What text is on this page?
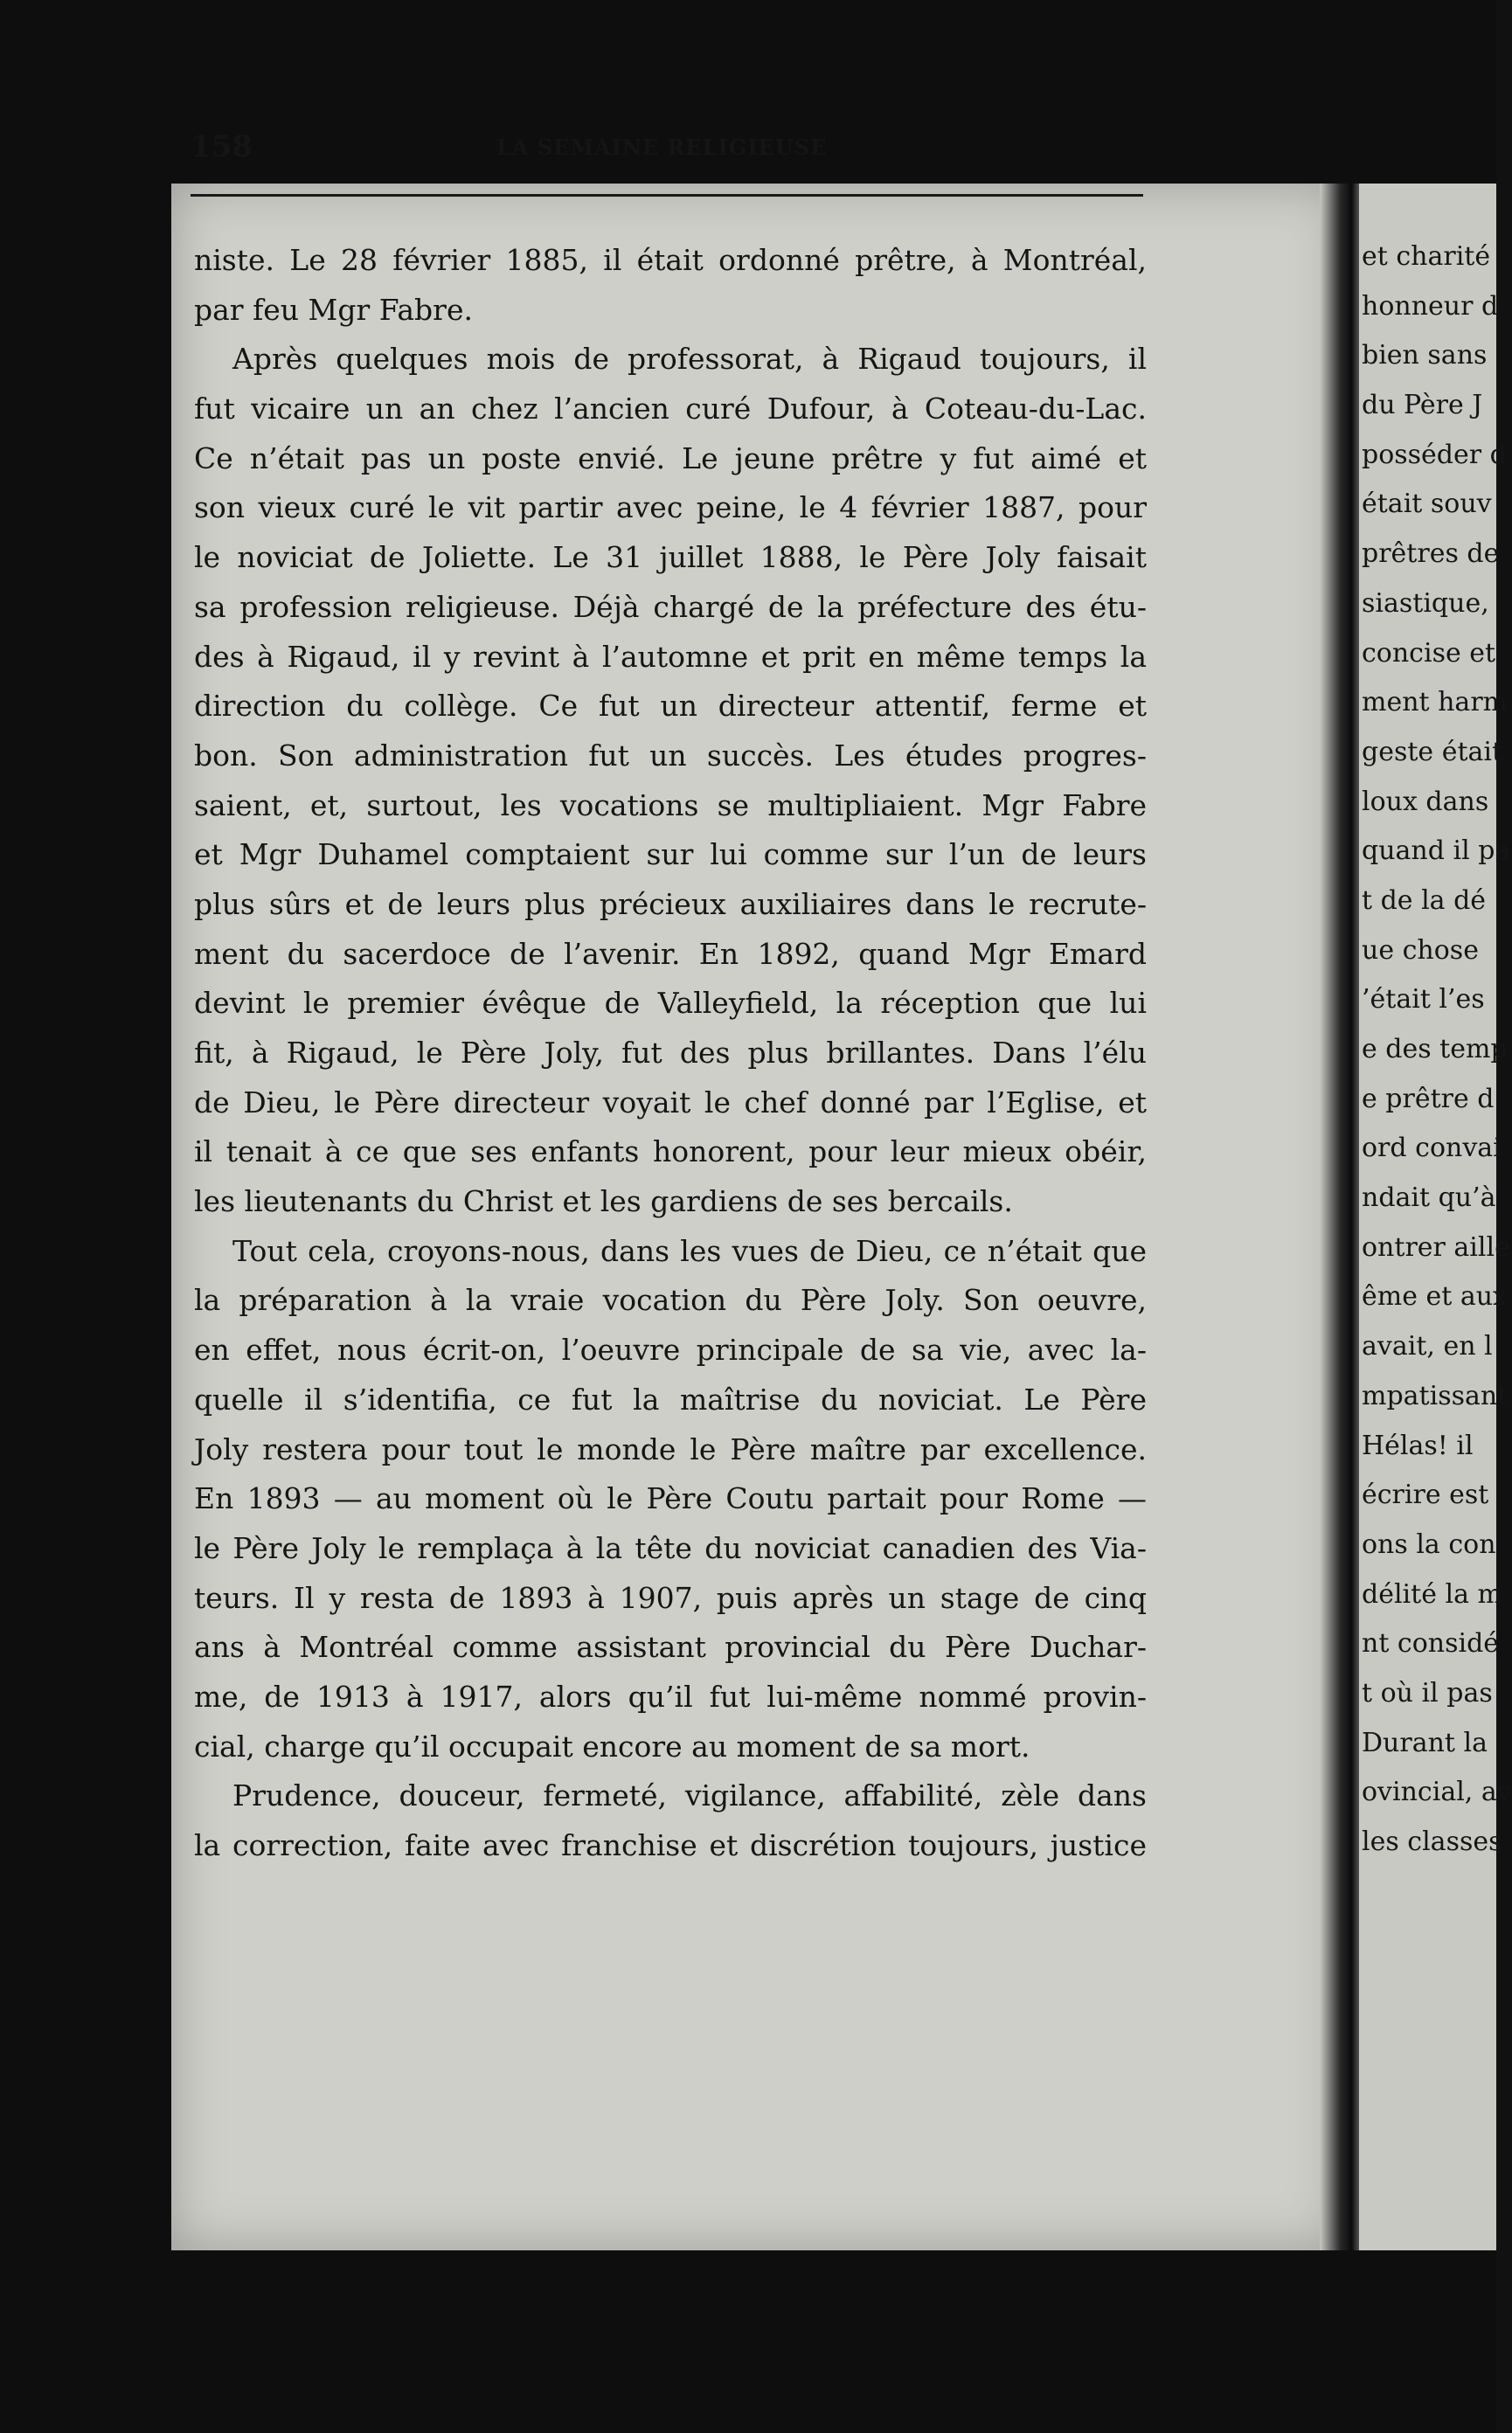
158	LA SEMAINE RELIGIEUSE
niste. Le 28 février 1885, il était ordonné prêtre, à Montréal,
par feu Mgr Fabre.
Après quelques mois de professorat, à Rigaud toujours, il
fut vicaire un an chez l’ancien curé Dufour, à Coteau-du-Lac.
Ce n’était pas un poste envié. Le jeune prêtre y fut aimé et
son vieux curé le vit partir avec peine, le 4 février 1887, pour
le noviciat de Joliette. Le 31 juillet 1888, le Père Joly faisait
sa profession religieuse. Déjà chargé de la préfecture des étu-
des à Rigaud, il y revint à l’automne et prit en même temps la
direction du collège. Ce fut un directeur attentif, ferme et
bon. Son administration fut un succès. Les études progres-
saient, et, surtout, les vocations se multipliaient. Mgr Fabre
et Mgr Duhamel comptaient sur lui comme sur l’un de leurs
plus sûrs et de leurs plus précieux auxiliaires dans le recrute-
ment du sacerdoce de l’avenir. En 1892, quand Mgr Emard
devint le premier évêque de Valleyfield, la réception que lui
fit, à Rigaud, le Père Joly, fut des plus brillantes. Dans l’élu
de Dieu, le Père directeur voyait le chef donné par l’Eglise, et
il tenait à ce que ses enfants honorent, pour leur mieux obéir,
les lieutenants du Christ et les gardiens de ses bercails.
Tout cela, croyons-nous, dans les vues de Dieu, ce n’était que
la préparation à la vraie vocation du Père Joly. Son oeuvre,
en effet, nous écrit-on, l’oeuvre principale de sa vie, avec la-
quelle il s’identifia, ce fut la maîtrise du noviciat. Le Père
Joly restera pour tout le monde le Père maître par excellence.
En 1893 — au moment où le Père Coutu partait pour Rome —
le Père Joly le remplaça à la tête du noviciat canadien des Via-
teurs. Il y resta de 1893 à 1907, puis après un stage de cinq
ans à Montréal comme assistant provincial du Père Duchar-
me, de 1913 à 1917, alors qu’il fut lui-même nommé provin-
cial, charge qu’il occupait encore au moment de sa mort.
Prudence, douceur, fermeté, vigilance, affabilité, zèle dans
la correction, faite avec franchise et discrétion toujours, justice
et charité
honneur d
bien sans
du Père J
posséder d
était souv
prêtres de
siastique,
concise et
ment harm
geste était
loux dans
quand il pa
t de la dé
ue chose
’était l’es
e des temp
e prêtre d
ord convai
ndait qu’à
ontrer aille
ême et aux
avait, en l
mpatissant
Hélas! il
écrire est
ons la con
délité la m
nt considé
t où il pas
Durant la
ovincial, av
les classes
